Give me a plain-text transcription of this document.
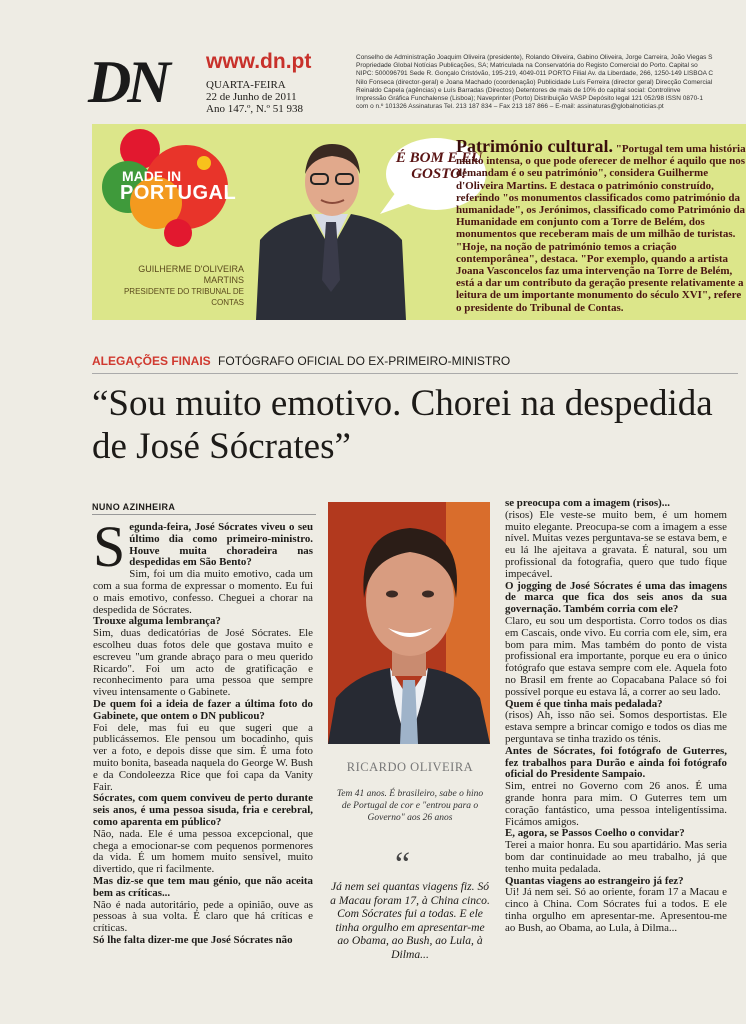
DN www.dn.pt
QUARTA-FEIRA
22 de Junho de 2011
Ano 147.º, N.º 51 938

Conselho de Administração Joaquim Oliveira (presidente), Rolando Oliveira, Gabino Oliveira, Jorge Carreira, João Viegas S

Propriedade Global Notícias Publicações, SA; Matriculada na Conservatória do Registo Comercial do Porto. Capital so

NIPC: 500096791 Sede R. Gonçalo Cristóvão, 195-219, 4049-011 PORTO Filial Av. da Liberdade, 266, 1250-149 LISBOA C

Nilo Fonseca (director-geral) e Joana Machado (coordenação) Publicidade Luís Ferreira (director geral) Direcção Comercial

Reinaldo Capela (agências) e Luís Barradas (Directos) Detentores de mais de 10% do capital social: Controlinve

Impressão Gráfica Funchalense (Lisboa); Naveprinter (Porto) Distribuição VASP Depósito legal 121 052/98 ISSN 0870-1

com o n.º 101326 Assinaturas Tel. 213 187 834 – Fax 213 187 866 – E-mail: assinaturas@globalnoticias.pt

MADE IN
PORTUGAL
GUILHERME D'OLIVEIRA MARTINS
PRESIDENTE DO TRIBUNAL DE CONTAS
É BOM E EU GOSTO!
Património cultural. "Portugal tem uma história muito intensa, o que pode oferecer de melhor é aquilo que nos demandam é o seu património", considera Guilherme d'Oliveira Martins. E destaca o património construído, referindo "os monumentos classificados como património da humanidade", os Jerónimos, classificado como Património da Humanidade em conjunto com a Torre de Belém, dos monumentos que receberam mais de um milhão de turistas. "Hoje, na noção de património temos a criação contemporânea", destaca. "Por exemplo, quando a artista Joana Vasconcelos faz uma intervenção na Torre de Belém, está a dar um contributo da geração presente relativamente a leitura de um importante monumento do século XVI", refere o presidente do Tribunal de Contas.
ALEGAÇÕES FINAIS FOTÓGRAFO OFICIAL DO EX-PRIMEIRO-MINISTRO
“Sou muito emotivo. Chorei na despedida de José Sócrates”
NUNO AZINHEIRA
S egunda-feira, José Sócrates viveu o seu último dia como primeiro-ministro. Houve muita choradeira nas despedidas em São Bento?

Sim, foi um dia muito emotivo, cada um com a sua forma de expressar o momento. Eu fui o mais emotivo, confesso. Cheguei a chorar na despedida de Sócrates.

Trouxe alguma lembrança?

Sim, duas dedicatórias de José Sócrates. Ele escolheu duas fotos dele que gostava muito e escreveu "um grande abraço para o meu querido Ricardo". Foi um acto de gratificação e reconhecimento para uma pessoa que sempre viveu intensamente o Gabinete.

De quem foi a ideia de fazer a última foto do Gabinete, que ontem o DN publicou?

Foi dele, mas fui eu que sugeri que a publicássemos. Ele pensou um bocadinho, quis ver a foto, e depois disse que sim. É uma foto muito bonita, baseada naquela do George W. Bush e da Condoleezza Rice que foi capa da Vanity Fair.

Sócrates, com quem conviveu de perto durante seis anos, é uma pessoa sisuda, fria e cerebral, como aparenta em público?

Não, nada. Ele é uma pessoa excepcional, que chega a emocionar-se com pequenos pormenores da vida. É um homem muito sensível, muito divertido, que ri facilmente.

Mas diz-se que tem mau génio, que não aceita bem as críticas...

Não é nada autoritário, pede a opinião, ouve as pessoas à sua volta. É claro que há críticas e críticas.

Só lhe falta dizer-me que José Sócrates não

RICARDO OLIVEIRA
Tem 41 anos. É brasileiro, sabe o hino de Portugal de cor e "entrou para o Governo" aos 26 anos
“
Já nem sei quantas viagens fiz. Só a Macau foram 17, à China cinco. Com Sócrates fui a todas. E ele tinha orgulho em apresentar-me ao Obama, ao Bush, ao Lula, à Dilma...

se preocupa com a imagem (risos)...

(risos) Ele veste-se muito bem, é um homem muito elegante. Preocupa-se com a imagem a esse nível. Muitas vezes perguntava-se se estava bem, e eu lá lhe ajeitava a gravata. É natural, sou um profissional da fotografia, quero que tudo fique impecável.

O jogging de José Sócrates é uma das imagens de marca que fica dos seis anos da sua governação. Também corria com ele?

Claro, eu sou um desportista. Corro todos os dias em Cascais, onde vivo. Eu corria com ele, sim, era bom para mim. Mas também do ponto de vista profissional era importante, porque eu era o único fotógrafo que estava sempre com ele. Aquela foto no Brasil em frente ao Copacabana Palace só foi possível porque eu estava lá, a correr ao seu lado.

Quem é que tinha mais pedalada?

(risos) Ah, isso não sei. Somos desportistas. Ele estava sempre a brincar comigo e todos os dias me perguntava se tinha trazido os ténis.

Antes de Sócrates, foi fotógrafo de Guterres, fez trabalhos para Durão e ainda foi fotógrafo oficial do Presidente Sampaio.

Sim, entrei no Governo com 26 anos. É uma grande honra para mim. O Guterres tem um coração fantástico, uma pessoa inteligentíssima. Ficámos amigos.

E, agora, se Passos Coelho o convidar?

Terei a maior honra. Eu sou apartidário. Mas seria bom dar continuidade ao meu trabalho, já que tenho muita pedalada.

Quantas viagens ao estrangeiro já fez?

Ui! Já nem sei. Só ao oriente, foram 17 a Macau e cinco à China. Com Sócrates fui a todos. E ele tinha orgulho em apresentar-me. Apresentou-me ao Bush, ao Obama, ao Lula, à Dilma...
